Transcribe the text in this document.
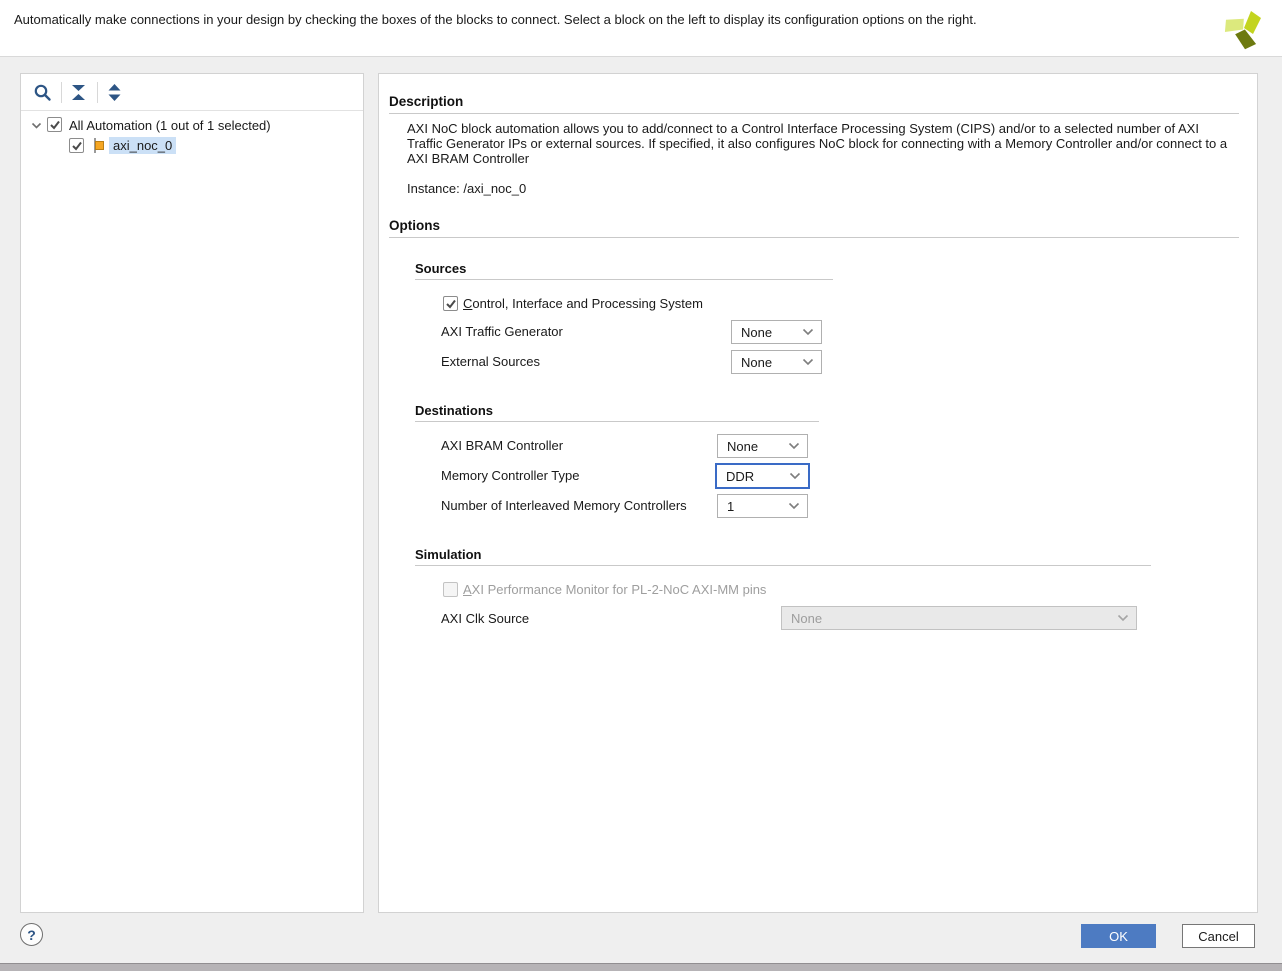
Automatically make connections in your design by checking the boxes of the blocks to connect. Select a block on the left to display its configuration options on the right.
All Automation (1 out of 1 selected)
axi_noc_0
Description
AXI NoC block automation allows you to add/connect to a Control Interface Processing System (CIPS) and/or to a selected number of AXI Traffic Generator IPs or external sources. If specified, it also configures NoC block for connecting with a Memory Controller and/or connect to a AXI BRAM Controller
Instance: /axi_noc_0
Options
Sources
Control, Interface and Processing System
AXI Traffic Generator	None
External Sources	None
Destinations
AXI BRAM Controller	None
Memory Controller Type	DDR
Number of Interleaved Memory Controllers	1
Simulation
AXI Performance Monitor for PL-2-NoC AXI-MM pins
AXI Clk Source	None
?	OK	Cancel
